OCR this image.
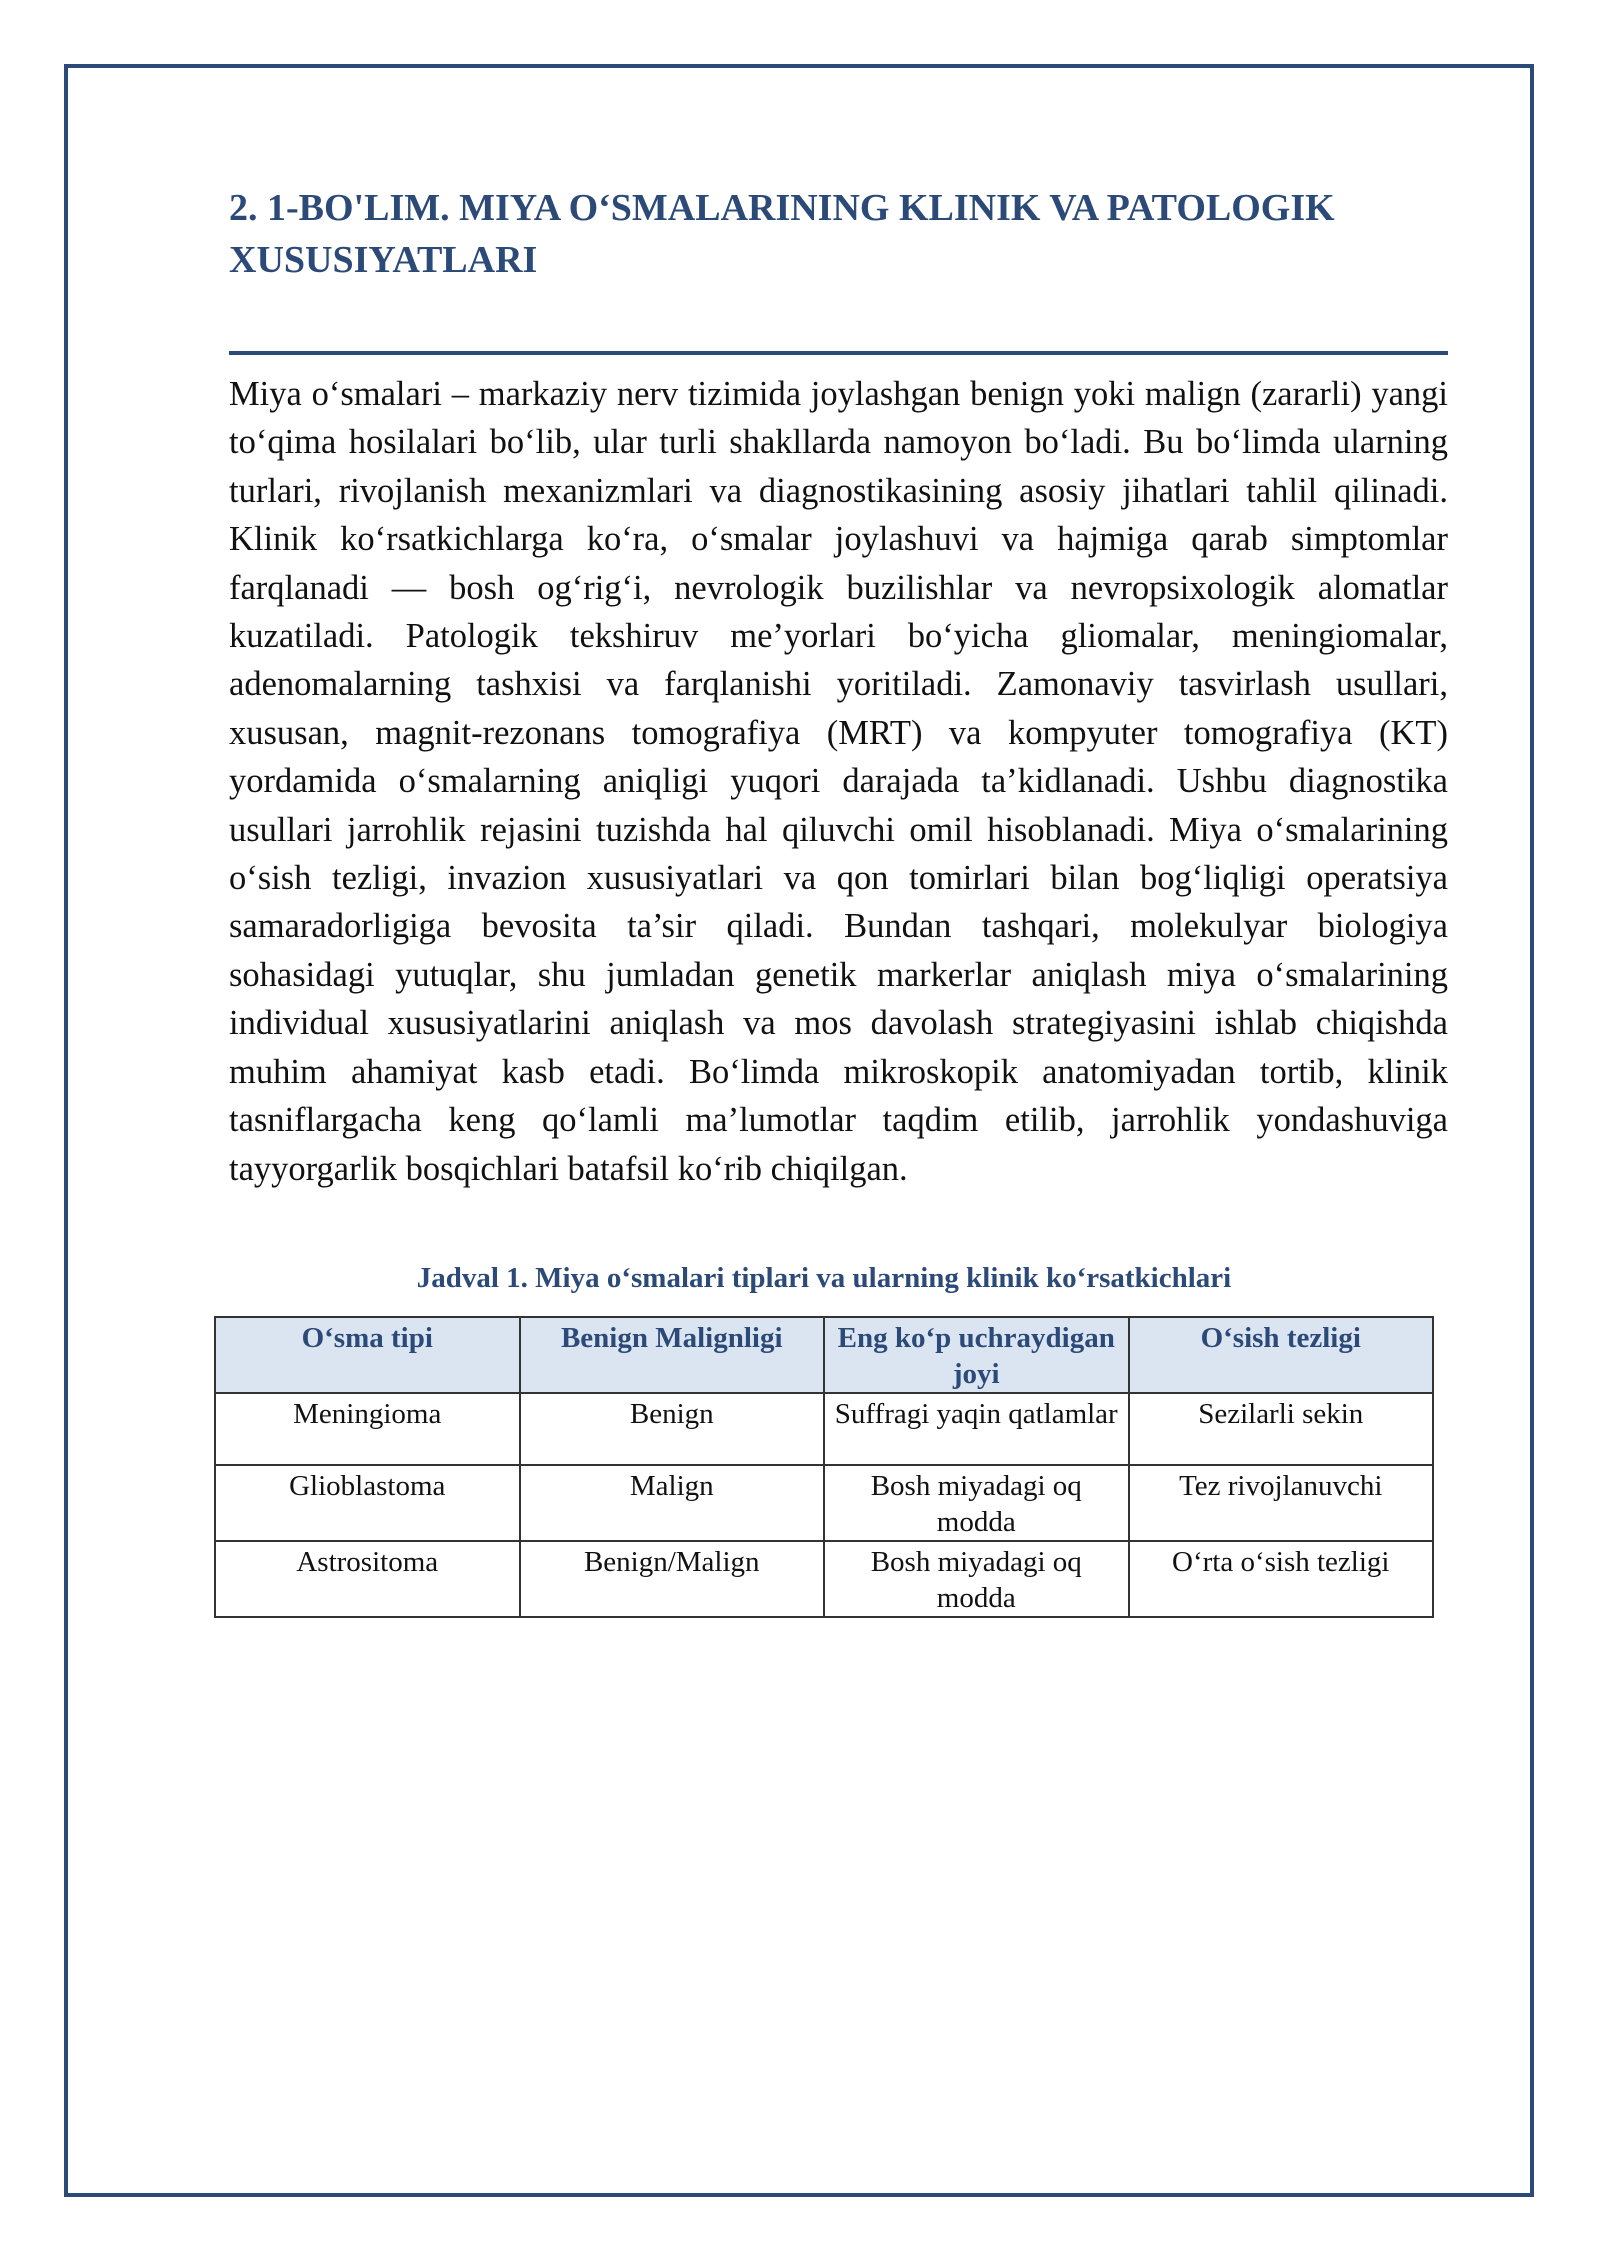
2. 1-BO'LIM. MIYA O‘SMALARINING KLINIK VA PATOLOGIK XUSUSIYATLARI

Miya o‘smalari – markaziy nerv tizimida joylashgan benign yoki malign (zararli) yangi to‘qima hosilalari bo‘lib, ular turli shakllarda namoyon bo‘ladi. Bu bo‘limda ularning turlari, rivojlanish mexanizmlari va diagnostikasining asosiy jihatlari tahlil qilinadi. Klinik ko‘rsatkichlarga ko‘ra, o‘smalar joylashuvi va hajmiga qarab simptomlar farqlanadi — bosh og‘rig‘i, nevrologik buzilishlar va nevropsixologik alomatlar kuzatiladi. Patologik tekshiruv me’yorlari bo‘yicha gliomalar, meningiomalar, adenomalarning tashxisi va farqlanishi yoritiladi. Zamonaviy tasvirlash usullari, xususan, magnit-rezonans tomografiya (MRT) va kompyuter tomografiya (KT) yordamida o‘smalarning aniqligi yuqori darajada ta’kidlanadi. Ushbu diagnostika usullari jarrohlik rejasini tuzishda hal qiluvchi omil hisoblanadi. Miya o‘smalarining o‘sish tezligi, invazion xususiyatlari va qon tomirlari bilan bog‘liqligi operatsiya samaradorligiga bevosita ta’sir qiladi. Bundan tashqari, molekulyar biologiya sohasidagi yutuqlar, shu jumladan genetik markerlar aniqlash miya o‘smalarining individual xususiyatlarini aniqlash va mos davolash strategiyasini ishlab chiqishda muhim ahamiyat kasb etadi. Bo‘limda mikroskopik anatomiyadan tortib, klinik tasniflargacha keng qo‘lamli ma’lumotlar taqdim etilib, jarrohlik yondashuviga tayyorgarlik bosqichlari batafsil ko‘rib chiqilgan.

Jadval 1. Miya o‘smalari tiplari va ularning klinik ko‘rsatkichlari

O‘sma tipi	Benign Malignligi	Eng ko‘p uchraydigan joyi	O‘sish tezligi
Meningioma	Benign	Suffragi yaqin qatlamlar	Sezilarli sekin
Glioblastoma	Malign	Bosh miyadagi oq modda	Tez rivojlanuvchi
Astrositoma	Benign/Malign	Bosh miyadagi oq modda	O‘rta o‘sish tezligi
